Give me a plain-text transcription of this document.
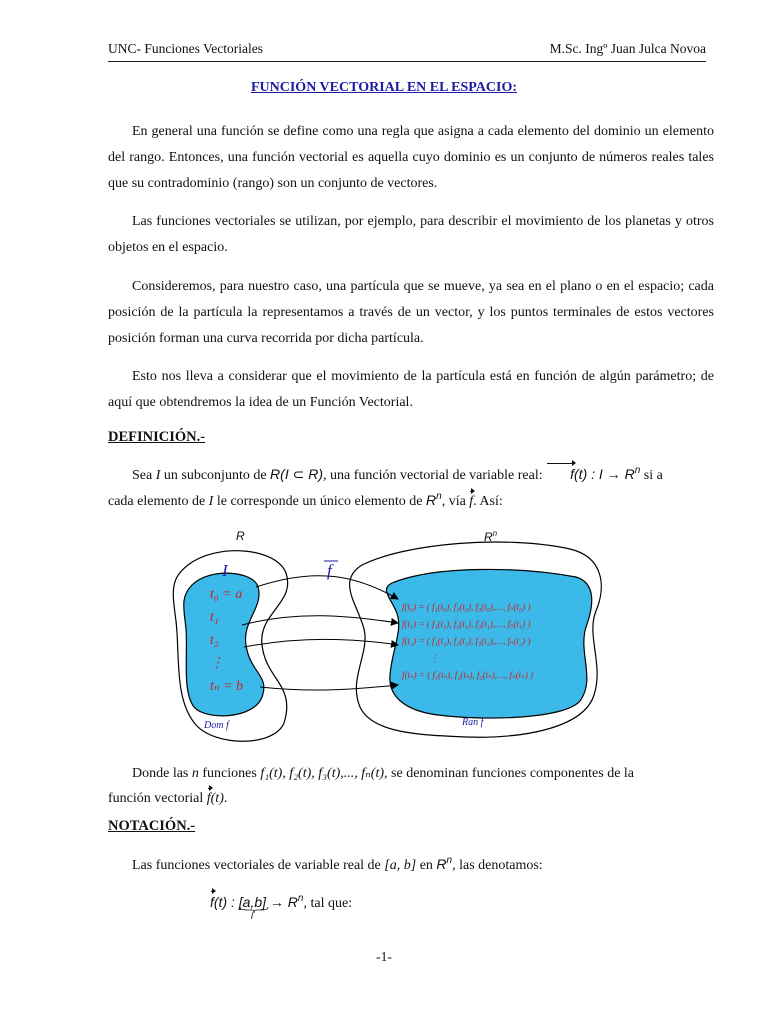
UNC- Funciones Vectoriales	M.Sc. Ingº Juan Julca Novoa
FUNCIÓN VECTORIAL EN EL ESPACIO:

En general una función se define como una regla que asigna a cada elemento del dominio un elemento del rango. Entonces, una función vectorial es aquella cuyo dominio es un conjunto de números reales tales que su contradominio (rango) son un conjunto de vectores.

Las funciones vectoriales se utilizan, por ejemplo, para describir el movimiento de los planetas y otros objetos en el espacio.

Consideremos, para nuestro caso, una partícula que se mueve, ya sea en el plano o en el espacio; cada posición de la partícula la representamos a través de un vector, y los puntos terminales de estos vectores posición forman una curva recorrida por dicha partícula.

Esto nos lleva a considerar que el movimiento de la partícula está en función de algún parámetro; de aquí que obtendremos la idea de un Función Vectorial.

DEFINICIÓN.-

Sea I un subconjunto de R(I ⊂ R), una función vectorial de variable real: f(t) : $I \to R^n$ si a

cada elemento de I le corresponde un único elemento de $R^n$, vía f. Así:

R	$R^n$
I	f
t₀ = a
t₁
t₂
⋮
tₙ = b
f(t₀) = ( f₁(t₀), f₂(t₀), f₃(t₀),…, fₙ(t₀) )
f(t₁) = ( f₁(t₁), f₂(t₁), f₃(t₁),…, fₙ(t₁) )
f(t₂) = ( f₁(t₂), f₂(t₂), f₃(t₂),…, fₙ(t₂) )
⋮
f(tₙ) = ( f₁(tₙ), f₂(tₙ), f₃(tₙ),…, fₙ(tₙ) )
Dom f	Ran f

Donde las n funciones f₁(t), f₂(t), f₃(t),..., fₙ(t), se denominan funciones componentes de la

función vectorial f(t).

NOTACIÓN.-

Las funciones vectoriales de variable real de [a, b] en $R^n$, las denotamos:

f(t) : [a,b]
I
→ $R^n$, tal que:

-1-
